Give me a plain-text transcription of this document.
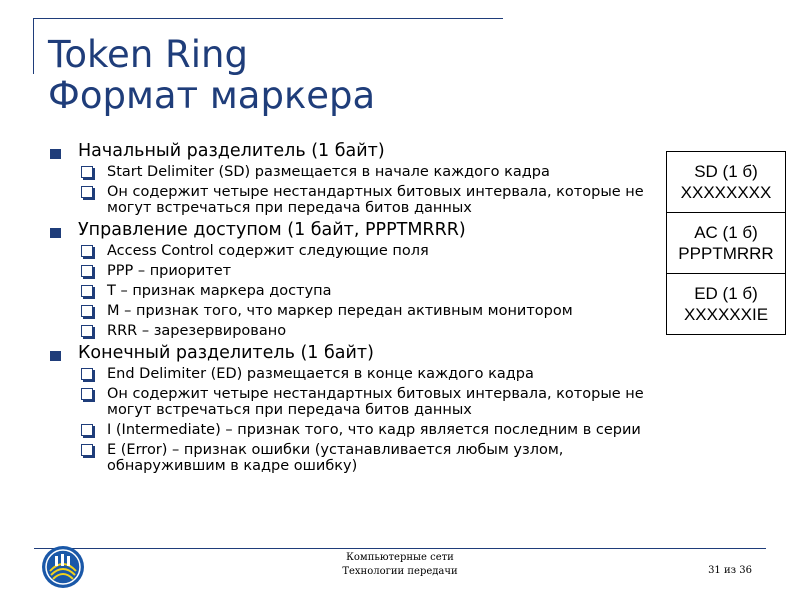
Token Ring
Формат маркера
Начальный разделитель (1 байт)
Start Delimiter (SD) размещается в начале каждого кадра
Он содержит четыре нестандартных битовых интервала, которые не могут встречаться при передача битов данных
Управление доступом (1 байт, PPPTMRRR)
Access Control содержит следующие поля
PPP – приоритет
T – признак маркера доступа
M – признак того, что маркер передан активным монитором
RRR – зарезервировано
Конечный разделитель (1 байт)
End Delimiter (ED) размещается в конце каждого кадра
Он содержит четыре нестандартных битовых интервала, которые не могут встречаться при передача битов данных
I (Intermediate) – признак того, что кадр является последним в серии
E (Error) – признак ошибки (устанавливается любым узлом, обнаружившим в кадре ошибку)
SD (1 б)
XXXXXXXX
AC (1 б)
PPPTMRRR
ED (1 б)
XXXXXXIE
Компьютерные сети
Технологии передачи	31 из 36
